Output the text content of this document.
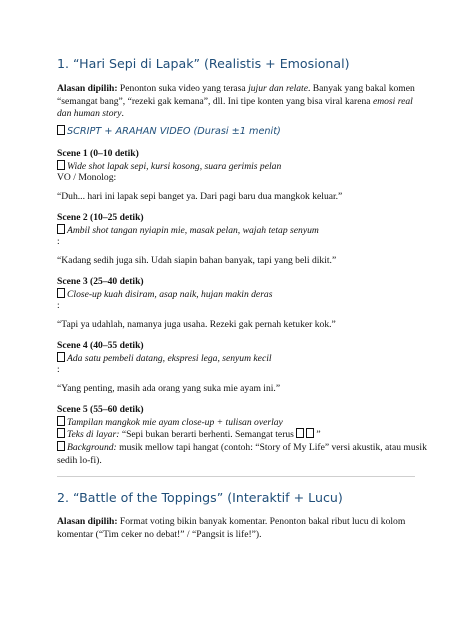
1. “Hari Sepi di Lapak” (Realistis + Emosional)
Alasan dipilih: Penonton suka video yang terasa jujur dan relate. Banyak yang bakal komen “semangat bang”, “rezeki gak kemana”, dll. Ini tipe konten yang bisa viral karena emosi real dan human story.
SCRIPT + ARAHAN VIDEO (Durasi ±1 menit)
Scene 1 (0–10 detik)
Wide shot lapak sepi, kursi kosong, suara gerimis pelan
VO / Monolog:
“Duh... hari ini lapak sepi banget ya. Dari pagi baru dua mangkok keluar.”
Scene 2 (10–25 detik)
Ambil shot tangan nyiapin mie, masak pelan, wajah tetap senyum
:
“Kadang sedih juga sih. Udah siapin bahan banyak, tapi yang beli dikit.”
Scene 3 (25–40 detik)
Close-up kuah disiram, asap naik, hujan makin deras
:
“Tapi ya udahlah, namanya juga usaha. Rezeki gak pernah ketuker kok.”
Scene 4 (40–55 detik)
Ada satu pembeli datang, ekspresi lega, senyum kecil
:
“Yang penting, masih ada orang yang suka mie ayam ini.”
Scene 5 (55–60 detik)
Tampilan mangkok mie ayam close-up + tulisan overlay
Teks di layar: “Sepi bukan berarti berhenti. Semangat terus ”
Background: musik mellow tapi hangat (contoh: “Story of My Life” versi akustik, atau musik sedih lo-fi).
2. “Battle of the Toppings” (Interaktif + Lucu)
Alasan dipilih: Format voting bikin banyak komentar. Penonton bakal ribut lucu di kolom komentar (“Tim ceker no debat!” / “Pangsit is life!”).
